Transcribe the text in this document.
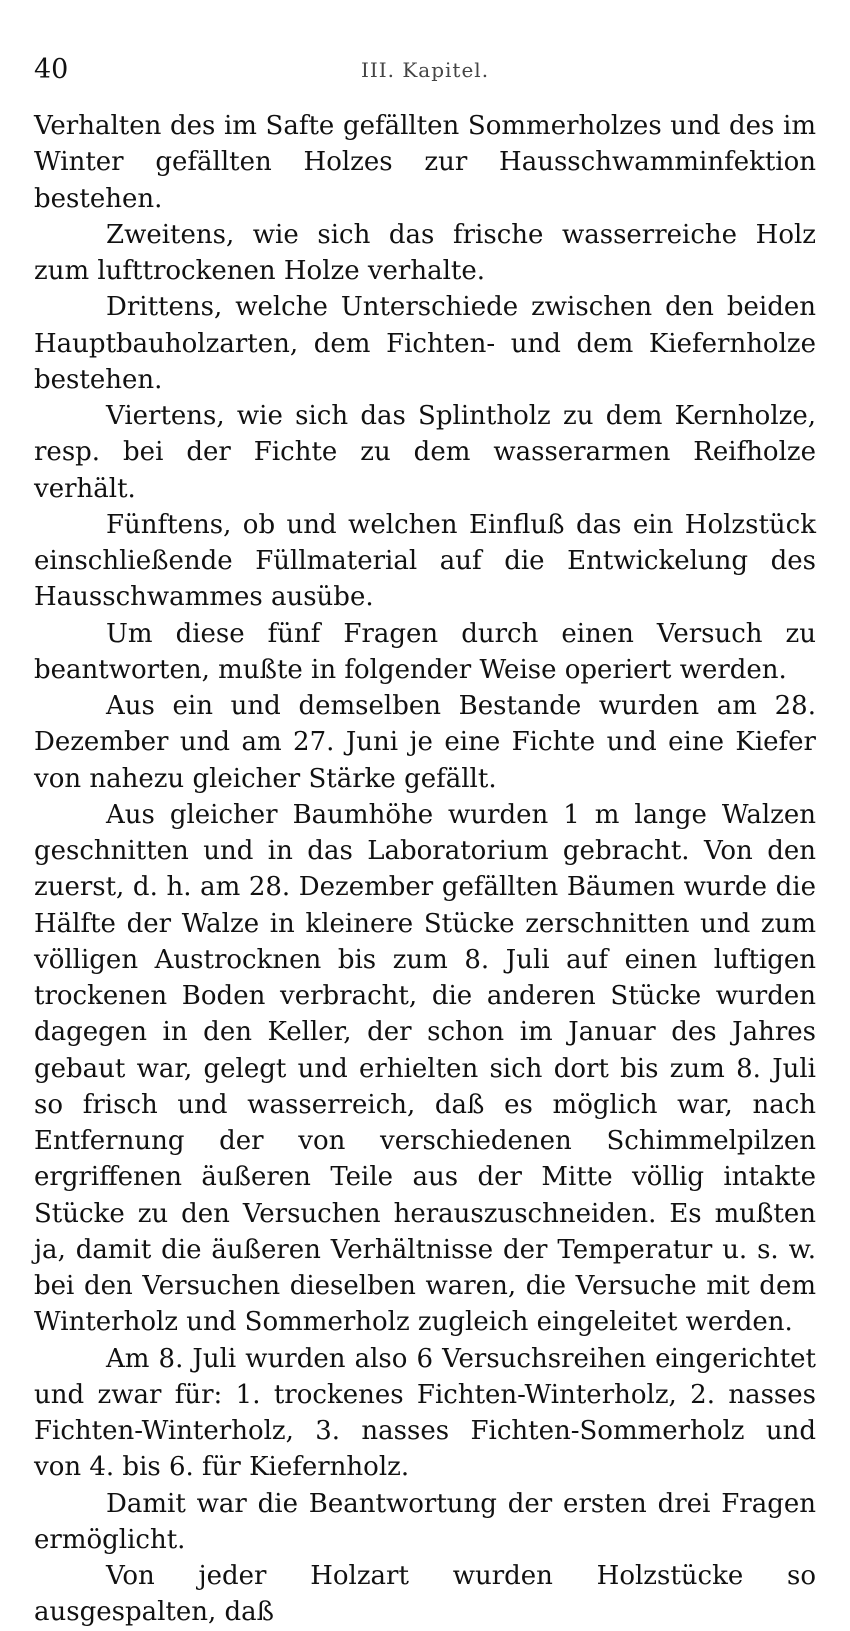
40	III. Kapitel.

Verhalten des im Safte gefällten Sommerholzes und des im Winter gefällten Holzes zur Hausschwamminfektion bestehen.

Zweitens, wie sich das frische wasserreiche Holz zum lufttrockenen Holze verhalte.

Drittens, welche Unterschiede zwischen den beiden Hauptbauholzarten, dem Fichten- und dem Kiefernholze bestehen.

Viertens, wie sich das Splintholz zu dem Kernholze, resp. bei der Fichte zu dem wasserarmen Reifholze verhält.

Fünftens, ob und welchen Einfluß das ein Holzstück einschließende Füllmaterial auf die Entwickelung des Hausschwammes ausübe.

Um diese fünf Fragen durch einen Versuch zu beantworten, mußte in folgender Weise operiert werden.

Aus ein und demselben Bestande wurden am 28. Dezember und am 27. Juni je eine Fichte und eine Kiefer von nahezu gleicher Stärke gefällt.

Aus gleicher Baumhöhe wurden 1 m lange Walzen geschnitten und in das Laboratorium gebracht. Von den zuerst, d. h. am 28. Dezember gefällten Bäumen wurde die Hälfte der Walze in kleinere Stücke zerschnitten und zum völligen Austrocknen bis zum 8. Juli auf einen luftigen trockenen Boden verbracht, die anderen Stücke wurden dagegen in den Keller, der schon im Januar des Jahres gebaut war, gelegt und erhielten sich dort bis zum 8. Juli so frisch und wasserreich, daß es möglich war, nach Entfernung der von verschiedenen Schimmelpilzen ergriffenen äußeren Teile aus der Mitte völlig intakte Stücke zu den Versuchen herauszuschneiden. Es mußten ja, damit die äußeren Verhältnisse der Temperatur u. s. w. bei den Versuchen dieselben waren, die Versuche mit dem Winterholz und Sommerholz zugleich eingeleitet werden.

Am 8. Juli wurden also 6 Versuchsreihen eingerichtet und zwar für: 1. trockenes Fichten-Winterholz, 2. nasses Fichten-Winterholz, 3. nasses Fichten-Sommerholz und von 4. bis 6. für Kiefernholz.

Damit war die Beantwortung der ersten drei Fragen ermöglicht.

Von jeder Holzart wurden Holzstücke so ausgespalten, daß
